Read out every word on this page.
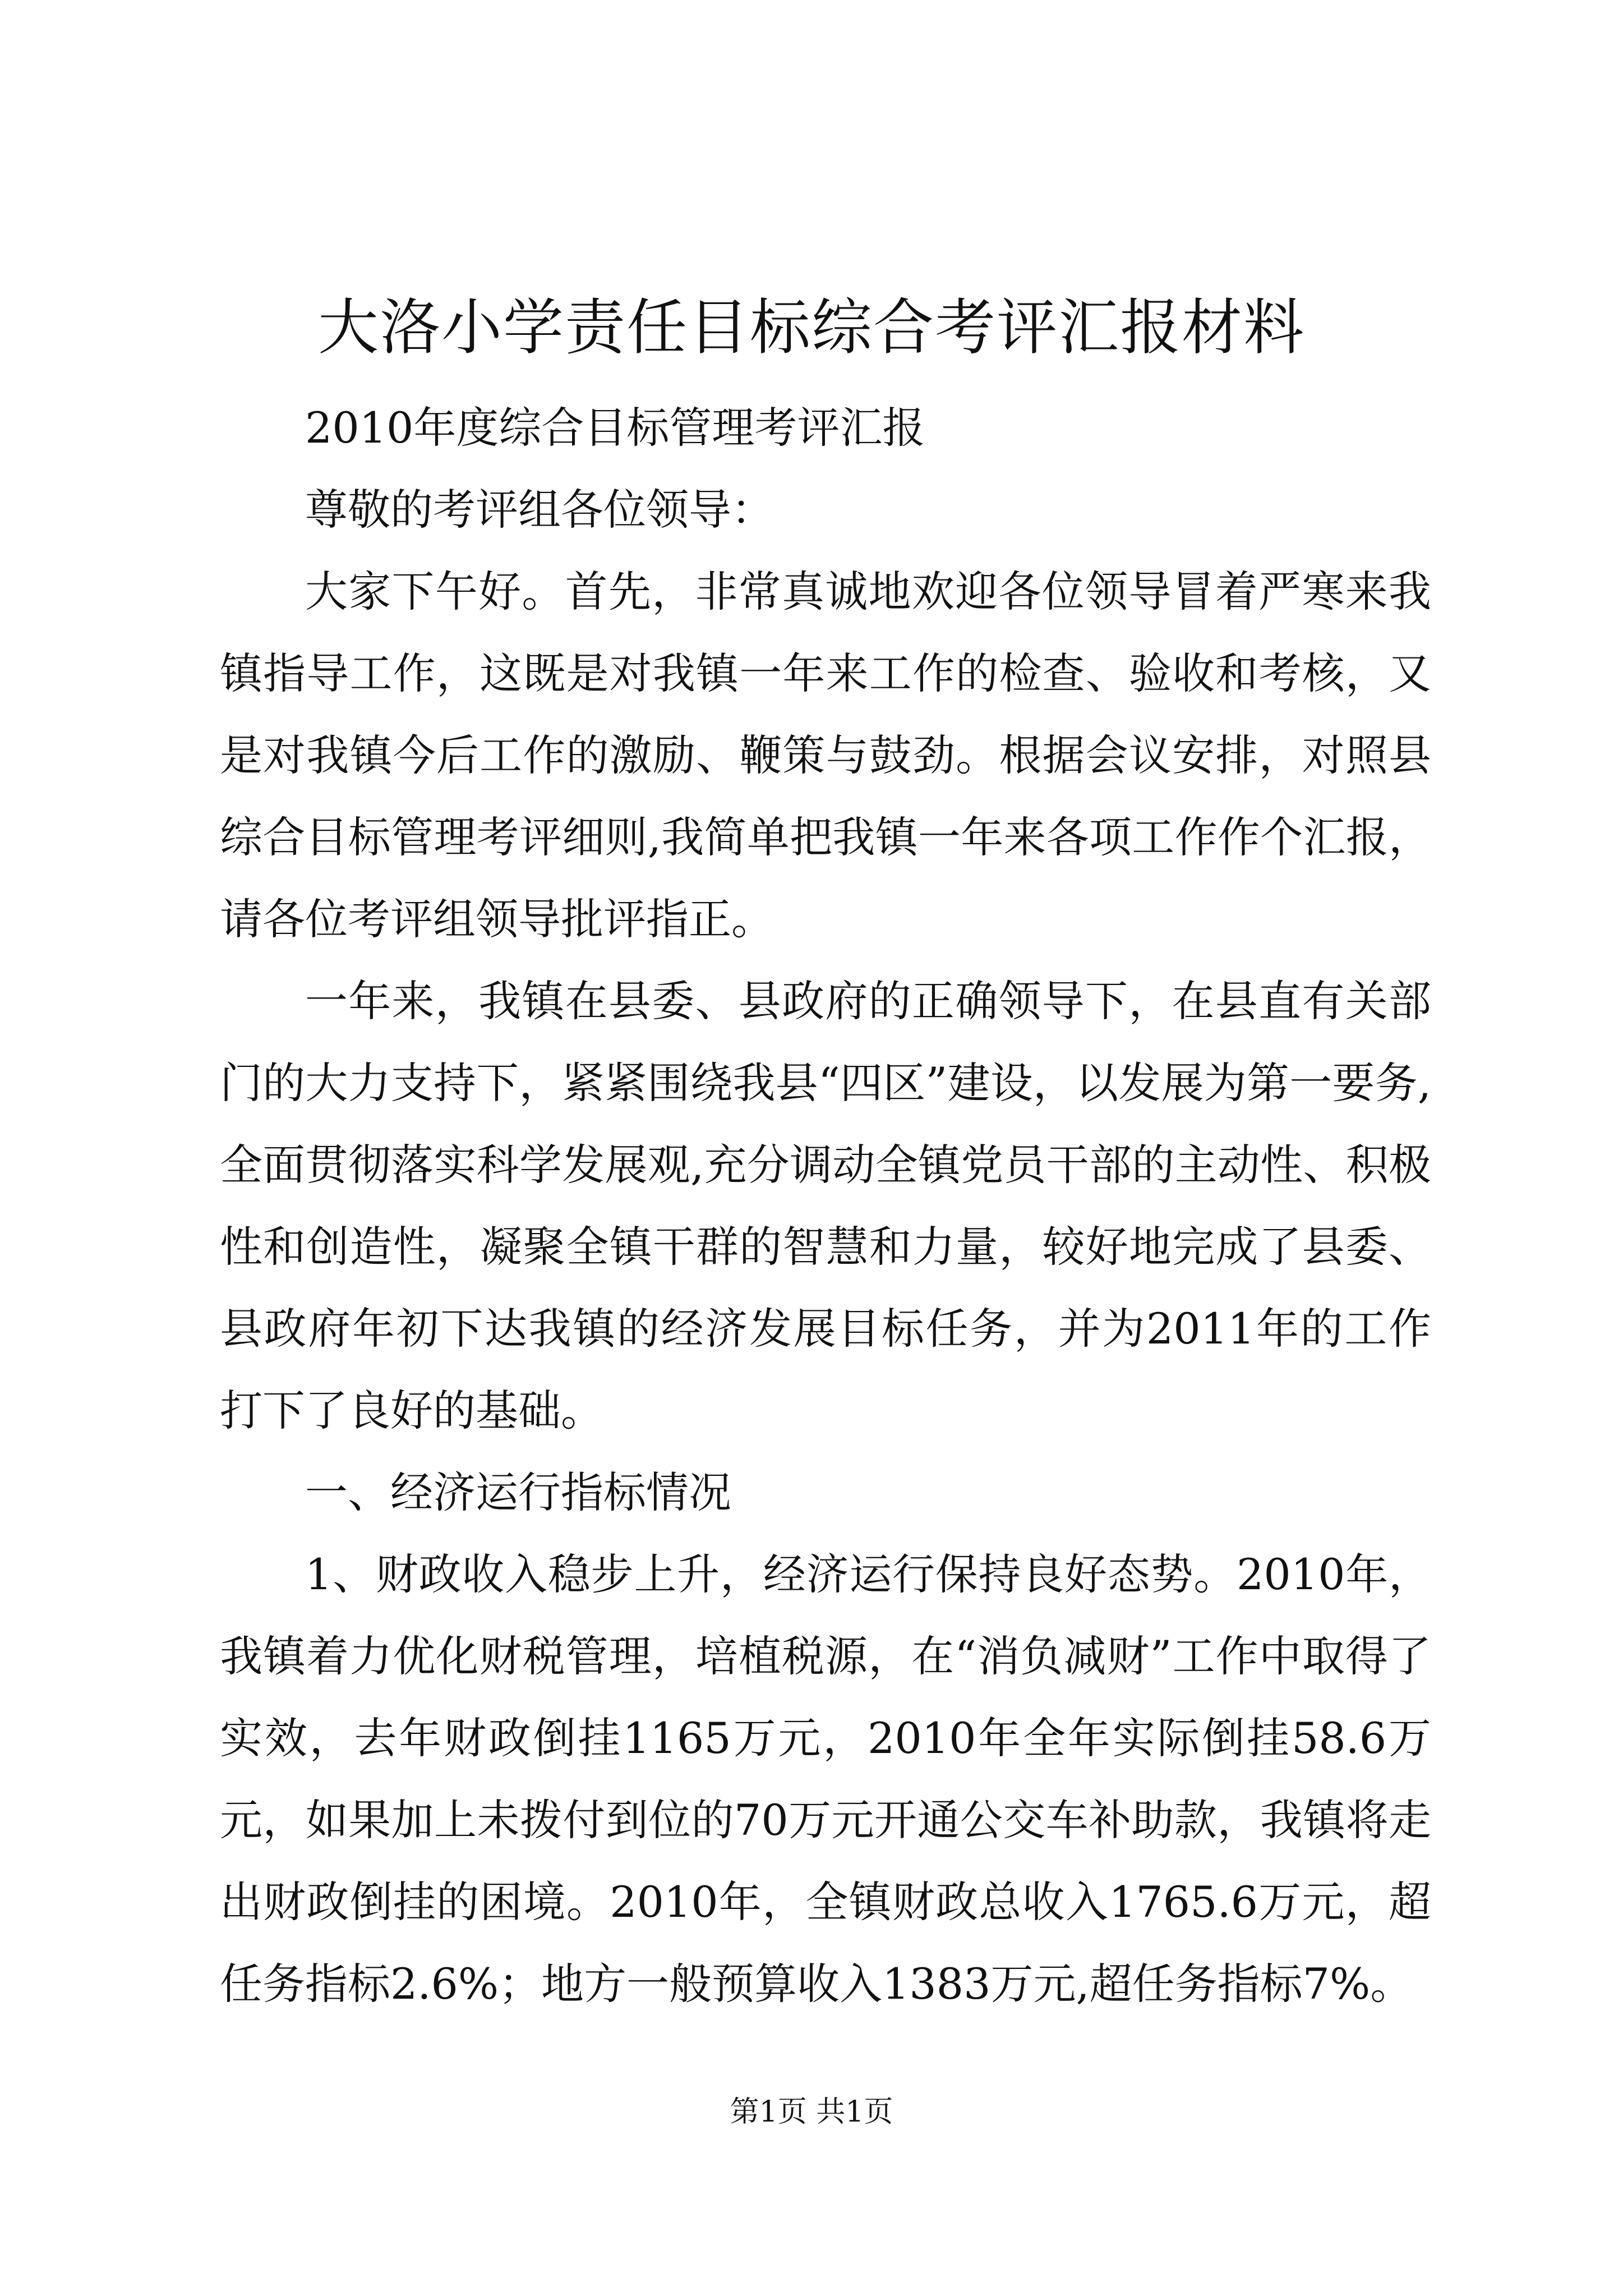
大洛小学责任目标综合考评汇报材料

2010年度综合目标管理考评汇报

尊敬的考评组各位领导：

大家下午好。首先，非常真诚地欢迎各位领导冒着严寒来我镇指导工作，这既是对我镇一年来工作的检查、验收和考核，又是对我镇今后工作的激励、鞭策与鼓劲。根据会议安排，对照县综合目标管理考评细则,我简单把我镇一年来各项工作作个汇报，请各位考评组领导批评指正。

一年来，我镇在县委、县政府的正确领导下，在县直有关部门的大力支持下，紧紧围绕我县“四区”建设，以发展为第一要务,全面贯彻落实科学发展观,充分调动全镇党员干部的主动性、积极性和创造性，凝聚全镇干群的智慧和力量，较好地完成了县委、县政府年初下达我镇的经济发展目标任务，并为2011年的工作打下了良好的基础。

一、经济运行指标情况

1、财政收入稳步上升，经济运行保持良好态势。2010年，我镇着力优化财税管理，培植税源，在“消负减财”工作中取得了实效，去年财政倒挂1165万元，2010年全年实际倒挂58.6万元，如果加上未拨付到位的70万元开通公交车补助款，我镇将走出财政倒挂的困境。2010年，全镇财政总收入1765.6万元，超任务指标2.6%；地方一般预算收入1383万元,超任务指标7%。

第1页 共1页
